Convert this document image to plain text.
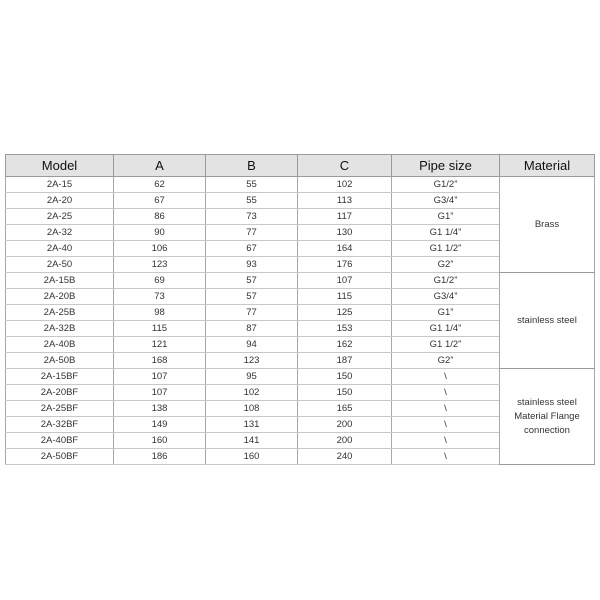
Model	A	B	C	Pipe size	Material
2A-15	62	55	102	G1/2”	Brass

2A-20	67	55	113	G3/4”	
2A-25	86	73	117	G1”	
2A-32	90	77	130	G1 1/4”	
2A-40	106	67	164	G1 1/2”	
2A-50	123	93	176	G2”	
2A-15B	69	57	107	G1/2”	stainless steel

2A-20B	73	57	115	G3/4”	
2A-25B	98	77	125	G1”	
2A-32B	115	87	153	G1 1/4”	
2A-40B	121	94	162	G1 1/2”	
2A-50B	168	123	187	G2”	
2A-15BF	107	95	150	\	stainless steel
Material Flange
connection

2A-20BF	107	102	150	\	
2A-25BF	138	108	165	\	
2A-32BF	149	131	200	\	
2A-40BF	160	141	200	\	
2A-50BF	186	160	240	\	
